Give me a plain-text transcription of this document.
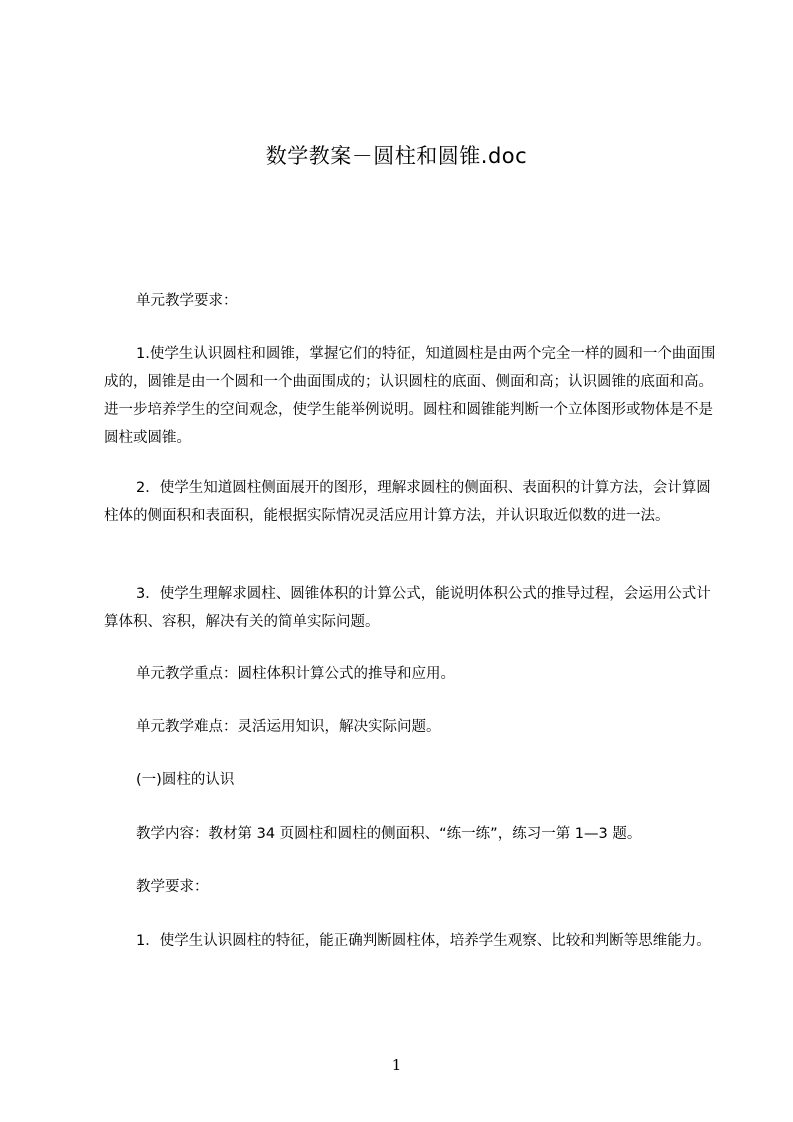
数学教案－圆柱和圆锥.doc

单元教学要求：

1.使学生认识圆柱和圆锥，掌握它们的特征，知道圆柱是由两个完全一样的圆和一个曲面围成的，圆锥是由一个圆和一个曲面围成的；认识圆柱的底面、侧面和高；认识圆锥的底面和高。进一步培养学生的空间观念，使学生能举例说明。圆柱和圆锥能判断一个立体图形或物体是不是圆柱或圆锥。

2．使学生知道圆柱侧面展开的图形，理解求圆柱的侧面积、表面积的计算方法，会计算圆柱体的侧面积和表面积，能根据实际情况灵活应用计算方法，并认识取近似数的进一法。

3．使学生理解求圆柱、圆锥体积的计算公式，能说明体积公式的推导过程，会运用公式计算体积、容积，解决有关的简单实际问题。

单元教学重点：圆柱体积计算公式的推导和应用。

单元教学难点：灵活运用知识，解决实际问题。

(一)圆柱的认识

教学内容：教材第 34 页圆柱和圆柱的侧面积、“练一练”，练习一第 1—3 题。

教学要求：

1．使学生认识圆柱的特征，能正确判断圆柱体，培养学生观察、比较和判断等思维能力。

1
